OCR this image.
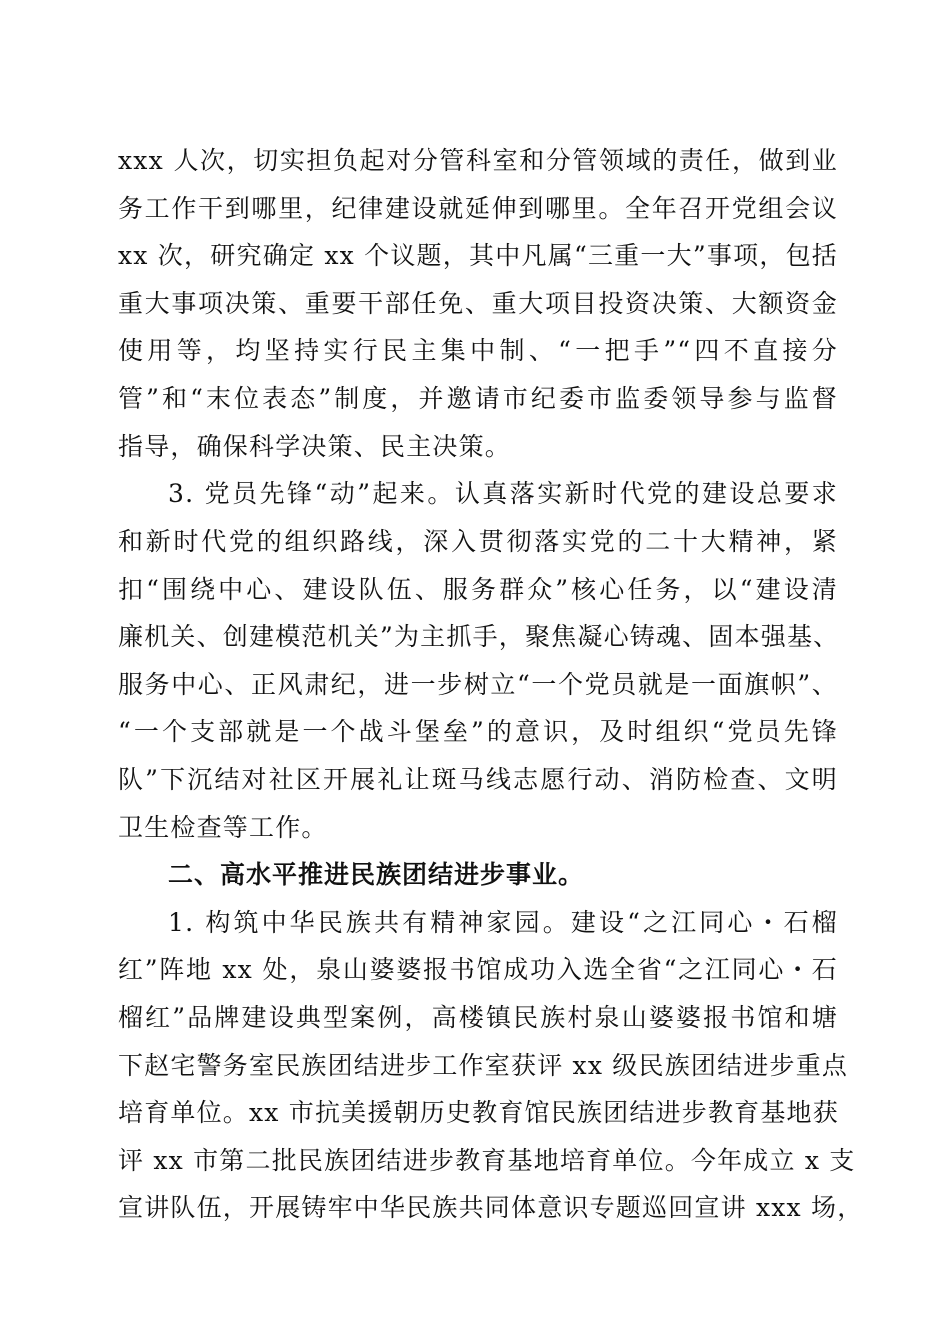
xxx 人次，切实担负起对分管科室和分管领域的责任，做到业
务工作干到哪里，纪律建设就延伸到哪里。全年召开党组会议
xx 次，研究确定 xx 个议题，其中凡属“三重一大”事项，包括
重大事项决策、重要干部任免、重大项目投资决策、大额资金
使用等，均坚持实行民主集中制、“一把手”“四不直接分
管”和“末位表态”制度，并邀请市纪委市监委领导参与监督
指导，确保科学决策、民主决策。
3. 党员先锋“动”起来。认真落实新时代党的建设总要求
和新时代党的组织路线，深入贯彻落实党的二十大精神，紧
扣“围绕中心、建设队伍、服务群众”核心任务，以“建设清
廉机关、创建模范机关”为主抓手，聚焦凝心铸魂、固本强基、
服务中心、正风肃纪，进一步树立“一个党员就是一面旗帜”、
“一个支部就是一个战斗堡垒”的意识，及时组织“党员先锋
队”下沉结对社区开展礼让斑马线志愿行动、消防检查、文明
卫生检查等工作。
二、高水平推进民族团结进步事业。
1. 构筑中华民族共有精神家园。建设“之江同心・石榴
红”阵地 xx 处，泉山婆婆报书馆成功入选全省“之江同心・石
榴红”品牌建设典型案例，高楼镇民族村泉山婆婆报书馆和塘
下赵宅警务室民族团结进步工作室获评 xx 级民族团结进步重点
培育单位。xx 市抗美援朝历史教育馆民族团结进步教育基地获
评 xx 市第二批民族团结进步教育基地培育单位。今年成立 x 支
宣讲队伍，开展铸牢中华民族共同体意识专题巡回宣讲 xxx 场，
